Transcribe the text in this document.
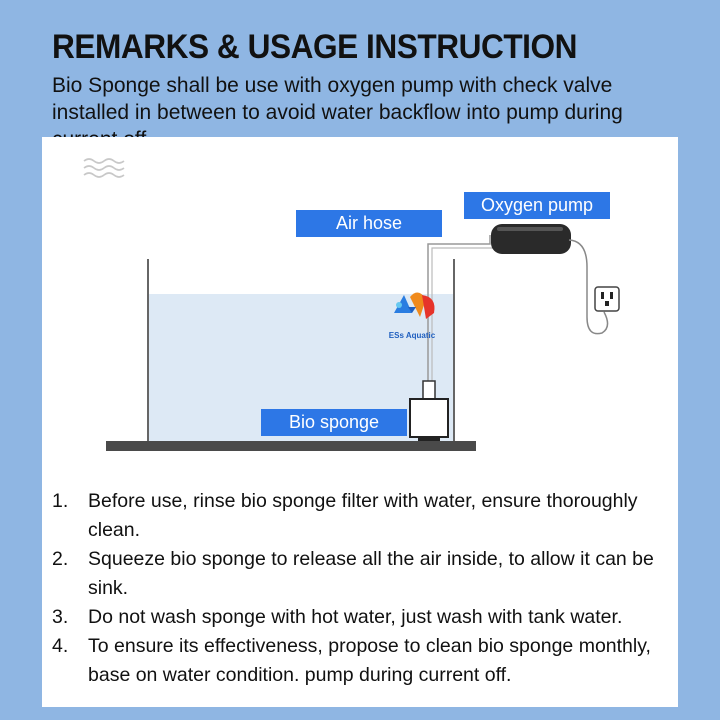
REMARKS & USAGE INSTRUCTION
Bio Sponge shall be use with oxygen pump with check valve installed in between to avoid water backflow into pump during
ESs Aquatic
Air hose
Oxygen pump
Bio sponge
1.	Before use, rinse bio sponge filter with water, ensure thoroughly clean.
2.	Squeeze bio sponge to release all the air inside, to allow it can be sink.
3.	Do not wash sponge with hot water, just wash with tank water.
4.	To ensure its effectiveness, propose to clean bio sponge monthly, base on water condition. pump during current off.
